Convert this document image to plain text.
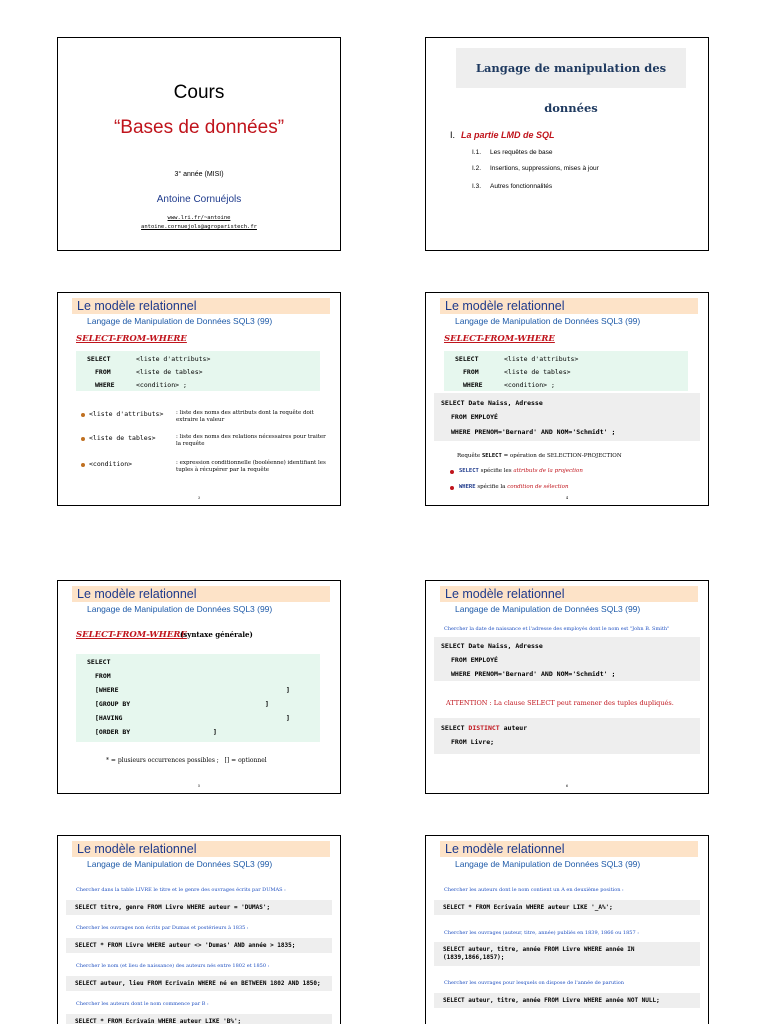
Cours
“Bases de données”
3° année (MISI)
Antoine Cornuéjols
www.lri.fr/~antoine
antoine.cornuejols@agroparistech.fr
Langage de manipulation des données
I. La partie LMD de SQL
I.1. Les requêtes de base
I.2. Insertions, suppressions, mises à jour
I.3. Autres fonctionnalités
Le modèle relationnel
Langage de Manipulation de Données SQL3 (99)
SELECT-FROM-WHERE
SELECT	<liste d'attributs>
FROM	<liste de tables>
WHERE	<condition> ;
<liste d'attributs> : liste des noms des attributs dont la requête doit extraire la valeur
<liste de tables>	: liste des noms des relations nécessaires pour traiter la requête
<condition>	: expression conditionnelle (booléenne) identifiant les tuples à récupérer par la requête
3
Le modèle relationnel
Langage de Manipulation de Données SQL3 (99)
SELECT-FROM-WHERE
SELECT	<liste d'attributs>
FROM	<liste de tables>
WHERE	<condition> ;
SELECT Date Naiss, Adresse
FROM EMPLOYÉ
WHERE PRENOM='Bernard' AND NOM='Schmidt' ;
Requête SELECT = opération de SELECTION-PROJECTION
SELECT spécifie les attributs de la projection
WHERE spécifie la condition de sélection
4
Le modèle relationnel
Langage de Manipulation de Données SQL3 (99)
SELECT-FROM-WHERE
(syntaxe générale)
SELECT
FROM
[WHERE	]
[GROUP BY	]
[HAVING	]
[ORDER BY	]
* = plusieurs occurrences possibles ;   [] = optionnel
5
Le modèle relationnel
Langage de Manipulation de Données SQL3 (99)
Chercher la date de naissance et l'adresse des employés dont le nom est "John B. Smith"
SELECT Date Naiss, Adresse
FROM EMPLOYÉ
WHERE PRENOM='Bernard' AND NOM='Schmidt' ;
ATTENTION : La clause SELECT peut ramener des tuples dupliqués.
SELECT DISTINCT auteur
FROM Livre;
6
Le modèle relationnel
Langage de Manipulation de Données SQL3 (99)
Chercher dans la table LIVRE le titre et le genre des ouvrages écrits par DUMAS :
SELECT titre, genre FROM Livre WHERE auteur = 'DUMAS';
Chercher les ouvrages non écrits par Dumas et postérieurs à 1835 :
SELECT * FROM Livre WHERE auteur <> 'Dumas' AND année > 1835;
Chercher le nom (et lieu de naissance) des auteurs nés entre 1802 et 1850 :
SELECT auteur, lieu FROM Ecrivain WHERE né en BETWEEN 1802 AND 1850;
Chercher les auteurs dont le nom commence par B :
SELECT * FROM Ecrivain WHERE auteur LIKE 'B%';
Le modèle relationnel
Langage de Manipulation de Données SQL3 (99)
Chercher les auteurs dont le nom contient un A en deuxième position :
SELECT * FROM Ecrivain WHERE auteur LIKE '_A%';
Chercher les ouvrages (auteur, titre, année) publiés en 1839, 1866 ou 1857 :
SELECT auteur, titre, année FROM Livre WHERE année IN
(1839,1866,1857);
Chercher les ouvrages pour lesquels on dispose de l'année de parution
SELECT auteur, titre, année FROM Livre WHERE année NOT NULL;
